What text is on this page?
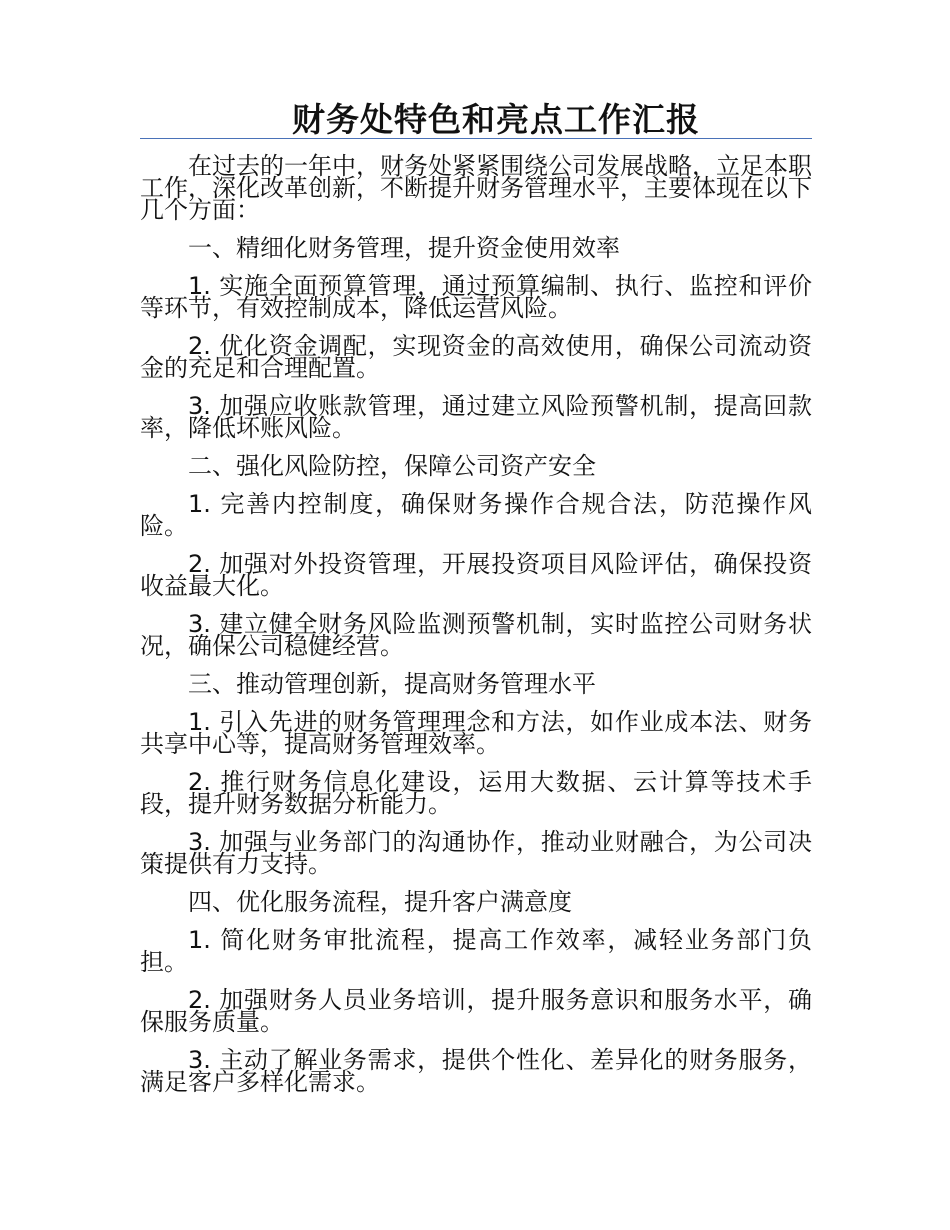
财务处特色和亮点工作汇报

在过去的一年中，财务处紧紧围绕公司发展战略，立足本职工作，深化改革创新，不断提升财务管理水平，主要体现在以下几个方面：

一、精细化财务管理，提升资金使用效率

1. 实施全面预算管理，通过预算编制、执行、监控和评价等环节，有效控制成本，降低运营风险。

2. 优化资金调配，实现资金的高效使用，确保公司流动资金的充足和合理配置。

3. 加强应收账款管理，通过建立风险预警机制，提高回款率，降低坏账风险。

二、强化风险防控，保障公司资产安全

1. 完善内控制度，确保财务操作合规合法，防范操作风险。

2. 加强对外投资管理，开展投资项目风险评估，确保投资收益最大化。

3. 建立健全财务风险监测预警机制，实时监控公司财务状况，确保公司稳健经营。

三、推动管理创新，提高财务管理水平

1. 引入先进的财务管理理念和方法，如作业成本法、财务共享中心等，提高财务管理效率。

2. 推行财务信息化建设，运用大数据、云计算等技术手段，提升财务数据分析能力。

3. 加强与业务部门的沟通协作，推动业财融合，为公司决策提供有力支持。

四、优化服务流程，提升客户满意度

1. 简化财务审批流程，提高工作效率，减轻业务部门负担。

2. 加强财务人员业务培训，提升服务意识和服务水平，确保服务质量。

3. 主动了解业务需求，提供个性化、差异化的财务服务，满足客户多样化需求。
